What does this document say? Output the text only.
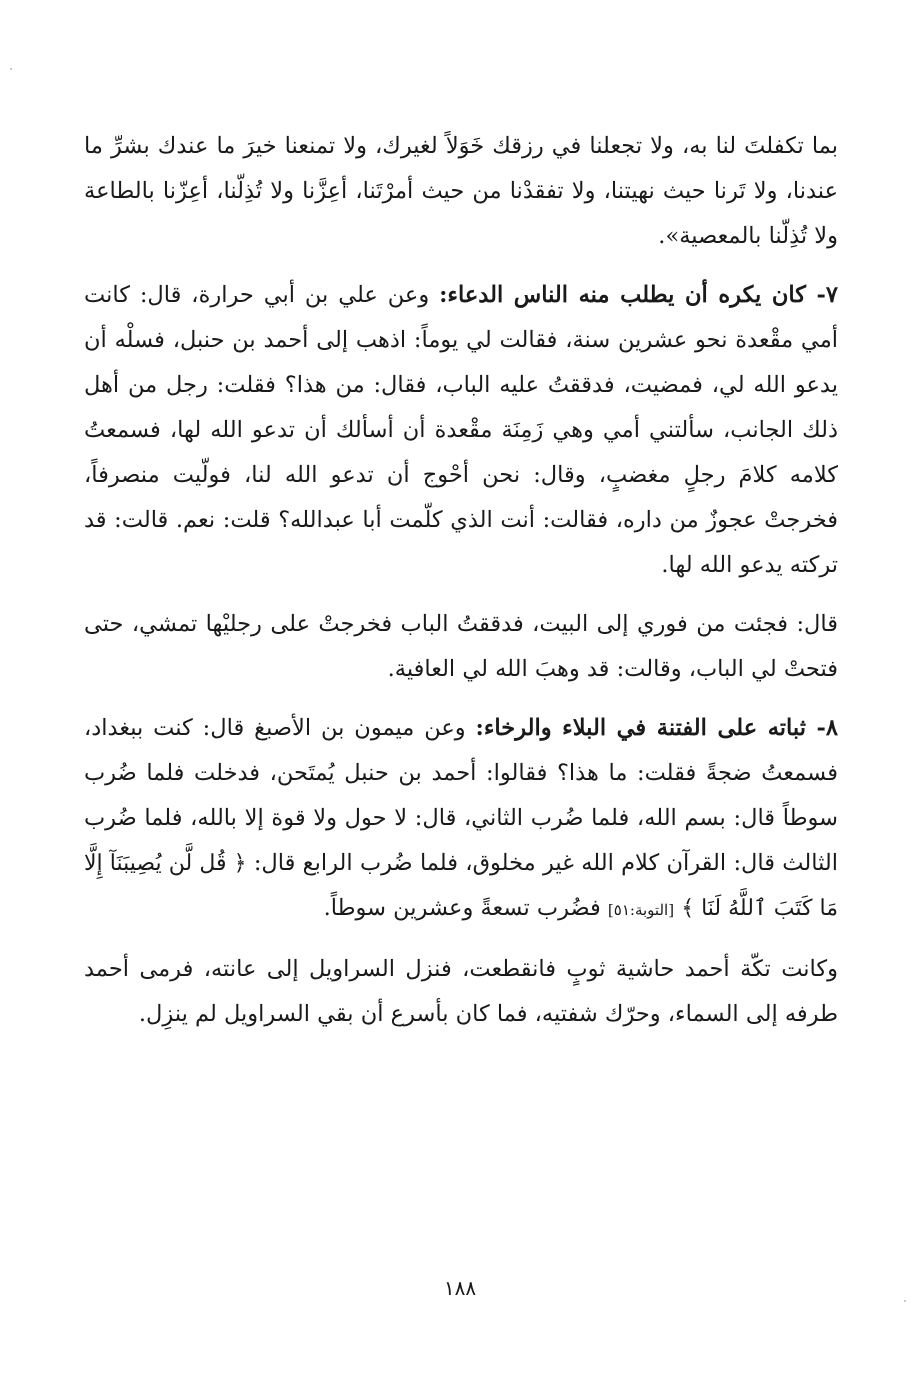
بما تكفلتَ لنا به، ولا تجعلنا في رزقك خَوَلاً لغيرك، ولا تمنعنا خيرَ ما عندك بشرِّ ما عندنا، ولا تَرنا حيث نهيتنا، ولا تفقدْنا من حيث أمرْتَنا، أعِزَّنا ولا تُذِلّنا، أعِزّنا بالطاعة ولا تُذِلّنا بالمعصية».

٧- كان يكره أن يطلب منه الناس الدعاء: وعن علي بن أبي حرارة، قال: كانت أمي مقْعدة نحو عشرين سنة، فقالت لي يوماً: اذهب إلى أحمد بن حنبل، فسلْه أن يدعو الله لي، فمضيت، فدققتُ عليه الباب، فقال: من هذا؟ فقلت: رجل من أهل ذلك الجانب، سألتني أمي وهي زَمِنَة مقْعدة أن أسألك أن تدعو الله لها، فسمعتُ كلامه كلامَ رجلٍ مغضبٍ، وقال: نحن أحْوج أن تدعو الله لنا، فولّيت منصرفاً، فخرجتْ عجوزٌ من داره، فقالت: أنت الذي كلّمت أبا عبدالله؟ قلت: نعم. قالت: قد تركته يدعو الله لها.

قال: فجئت من فوري إلى البيت، فدققتُ الباب فخرجتْ على رجليْها تمشي، حتى فتحتْ لي الباب، وقالت: قد وهبَ الله لي العافية.

٨- ثباته على الفتنة في البلاء والرخاء: وعن ميمون بن الأصبغ قال: كنت ببغداد، فسمعتُ ضجةً فقلت: ما هذا؟ فقالوا: أحمد بن حنبل يُمتَحن، فدخلت فلما ضُرب سوطاً قال: بسم الله، فلما ضُرب الثاني، قال: لا حول ولا قوة إلا بالله، فلما ضُرب الثالث قال: القرآن كلام الله غير مخلوق، فلما ضُرب الرابع قال: ﴿ قُل لَّن يُصِيبَنَآ إِلَّا مَا كَتَبَ ٱللَّهُ لَنَا ﴾ [التوبة:٥١] فضُرب تسعةً وعشرين سوطاً.

وكانت تكّة أحمد حاشية ثوبٍ فانقطعت، فنزل السراويل إلى عانته، فرمى أحمد طرفه إلى السماء، وحرّك شفتيه، فما كان بأسرع أن بقي السراويل لم ينزِل.

١٨٨
